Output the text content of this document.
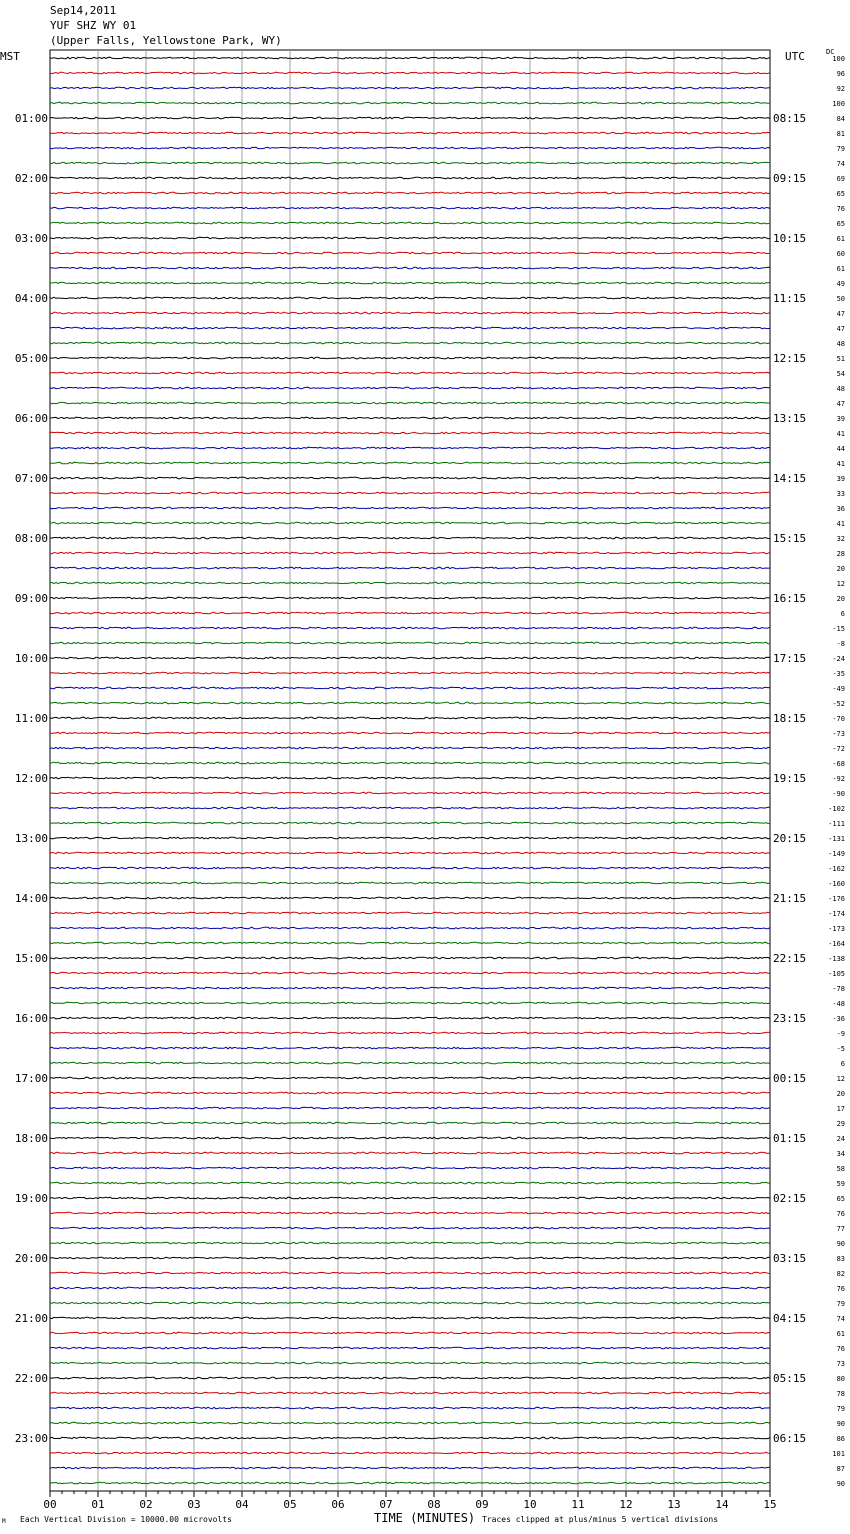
Sep14,2011
YUF SHZ WY 01
(Upper Falls, Yellowstone Park, WY)
MST	UTC	DC
100
96
92
100
84
81
79
74
69
65
76
65
61
60
61
49
50
47
47
48
51
54
48
47
39
41
44
41
39
33
36
41
32
28
20
12
20
6
-15
-8
-24
-35
-49
-52
-70
-73
-72
-68
-92
-90
-102
-111
-131
-149
-162
-160
-176
-174
-173
-164
-138
-105
-78
-48
-36
-9
-5
6
12
20
17
29
24
34
58
59
65
76
77
90
83
82
76
79
74
61
76
73
80
78
79
90
86
101
87
90
01:00	08:15
02:00	09:15
03:00	10:15
04:00	11:15
05:00	12:15
06:00	13:15
07:00	14:15
08:00	15:15
09:00	16:15
10:00	17:15
11:00	18:15
12:00	19:15
13:00	20:15
14:00	21:15
15:00	22:15
16:00	23:15
17:00	00:15
18:00	01:15
19:00	02:15
20:00	03:15
21:00	04:15
22:00	05:15
23:00	06:15
00	01	02	03	04	05	06	07	08	09	10	11	12	13	14	15
Each Vertical Division = 10000.00 microvolts	TIME (MINUTES) Traces clipped at plus/minus 5 vertical divisions
M
